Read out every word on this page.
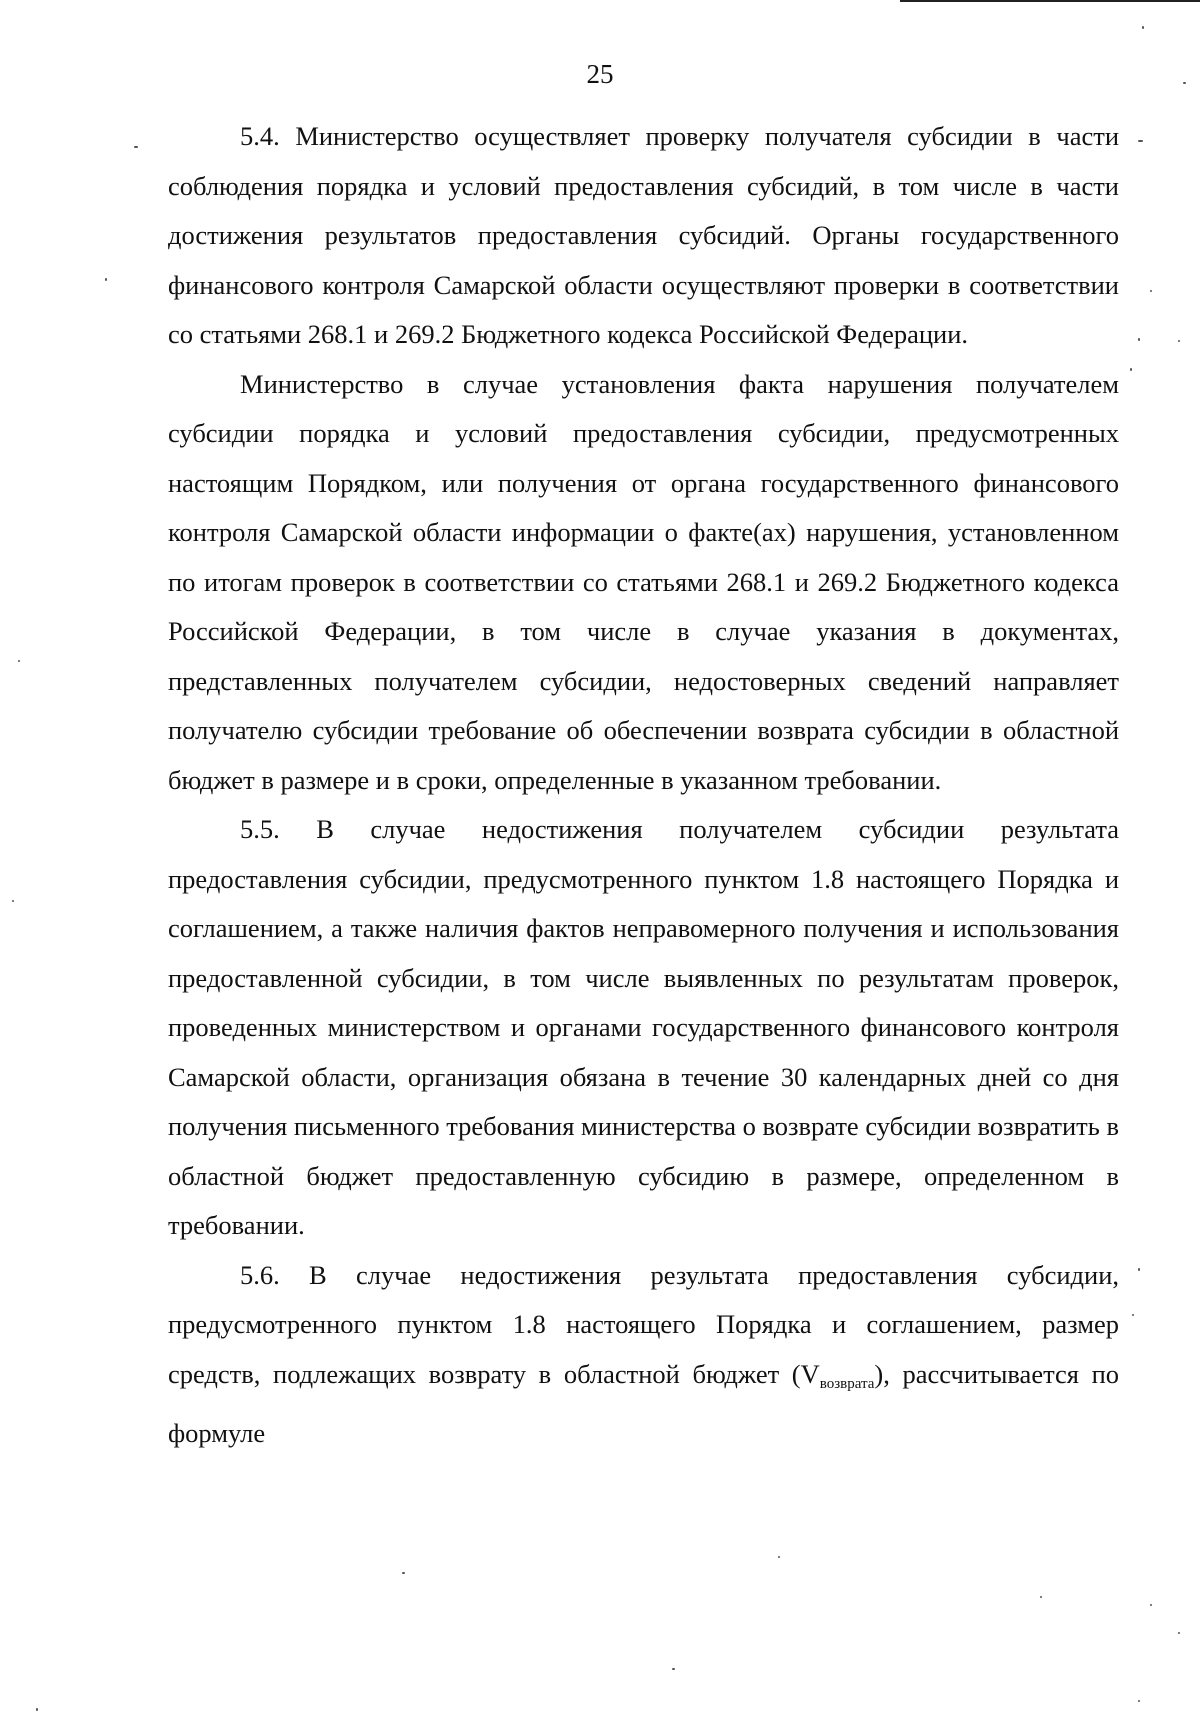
25

5.4. Министерство осуществляет проверку получателя субсидии в части соблюдения порядка и условий предоставления субсидий, в том числе в части достижения результатов предоставления субсидий. Органы государственного финансового контроля Самарской области осуществляют проверки в соответствии со статьями 268.1 и 269.2 Бюджетного кодекса Российской Федерации.

Министерство в случае установления факта нарушения получателем субсидии порядка и условий предоставления субсидии, предусмотренных настоящим Порядком, или получения от органа государственного финансового контроля Самарской области информации о факте(ах) нарушения, установленном по итогам проверок в соответствии со статьями 268.1 и 269.2 Бюджетного кодекса Российской Федерации, в том числе в случае указания в документах, представленных получателем субсидии, недостоверных сведений направляет получателю субсидии требование об обеспечении возврата субсидии в областной бюджет в размере и в сроки, определенные в указанном требовании.

5.5. В случае недостижения получателем субсидии результата предоставления субсидии, предусмотренного пунктом 1.8 настоящего Порядка и соглашением, а также наличия фактов неправомерного получения и использования предоставленной субсидии, в том числе выявленных по результатам проверок, проведенных министерством и органами государственного финансового контроля Самарской области, организация обязана в течение 30 календарных дней со дня получения письменного требования министерства о возврате субсидии возвратить в областной бюджет предоставленную субсидию в размере, определенном в требовании.

5.6. В случае недостижения результата предоставления субсидии, предусмотренного пунктом 1.8 настоящего Порядка и соглашением, размер средств, подлежащих возврату в областной бюджет $(V_{возврата})$, рассчитывается по формуле
